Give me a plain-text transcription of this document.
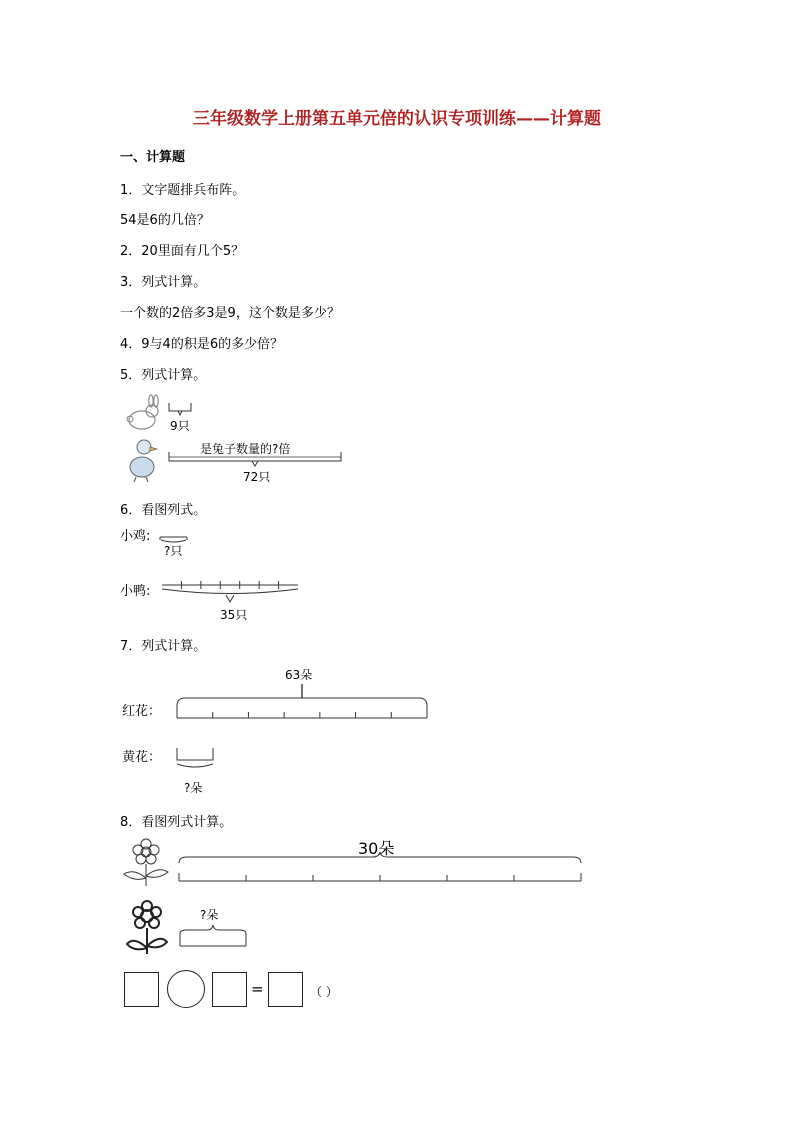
三年级数学上册第五单元倍的认识专项训练——计算题
一、计算题
1．文字题排兵布阵。
54是6的几倍？
2．20里面有几个5？
3．列式计算。
一个数的2倍多3是9，这个数是多少？
4．9与4的积是6的多少倍？
5．列式计算。
9只
是兔子数量的?倍
72只
6．看图列式。
小鸡:
?只
小鸭:
35只
7．列式计算。
63朵
红花：
黄花：
?朵
8．看图列式计算。
30朵
?朵
=	（ ）
